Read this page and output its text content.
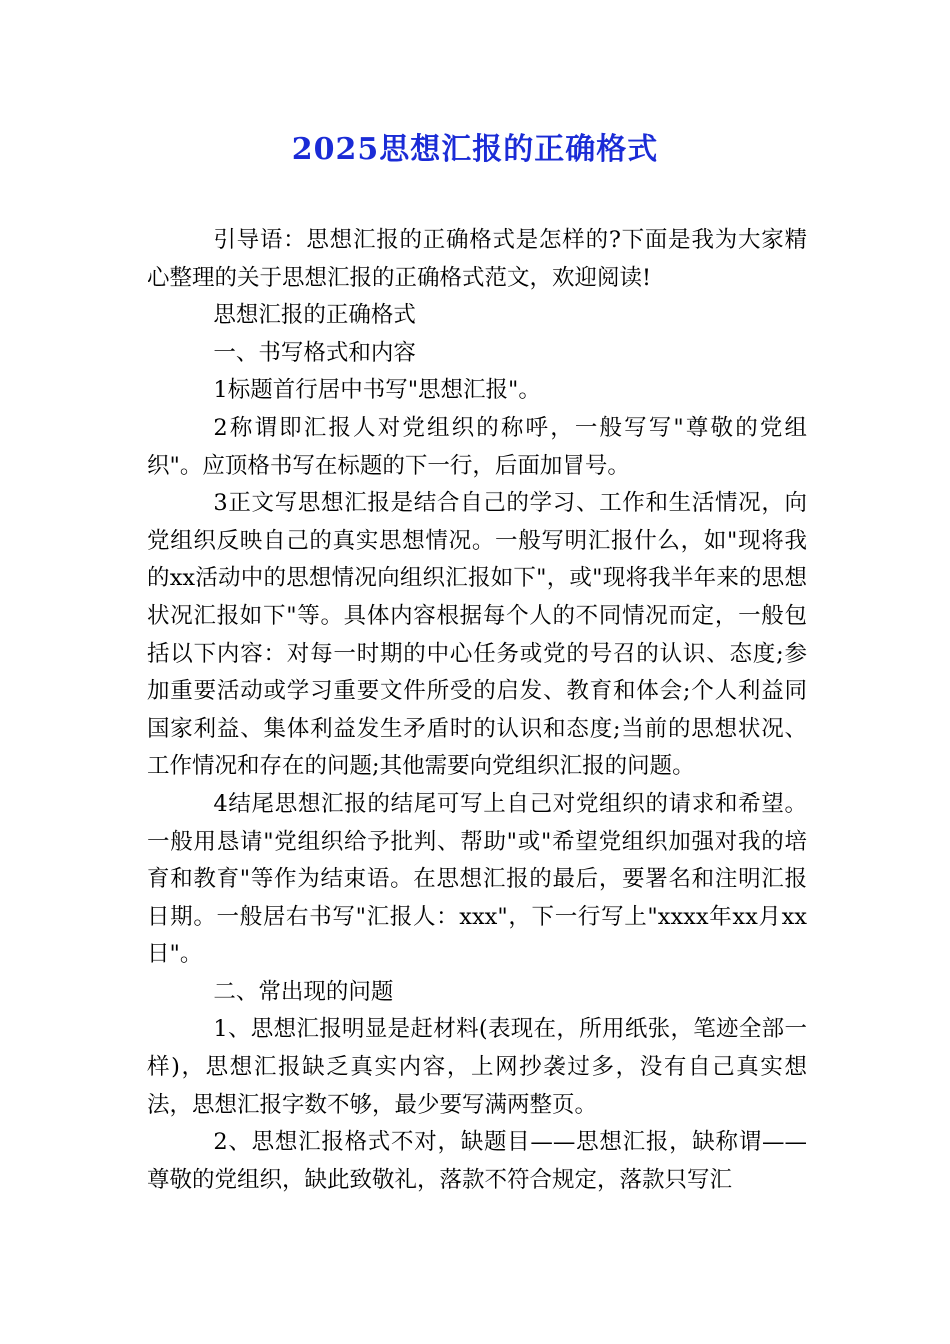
2025思想汇报的正确格式

引导语：思想汇报的正确格式是怎样的?下面是我为大家精心整理的关于思想汇报的正确格式范文，欢迎阅读!

思想汇报的正确格式

一、书写格式和内容

1标题首行居中书写"思想汇报"。

2称谓即汇报人对党组织的称呼，一般写写"尊敬的党组织"。应顶格书写在标题的下一行，后面加冒号。

3正文写思想汇报是结合自己的学习、工作和生活情况，向党组织反映自己的真实思想情况。一般写明汇报什么，如"现将我的xx活动中的思想情况向组织汇报如下"，或"现将我半年来的思想状况汇报如下"等。具体内容根据每个人的不同情况而定，一般包括以下内容：对每一时期的中心任务或党的号召的认识、态度;参加重要活动或学习重要文件所受的启发、教育和体会;个人利益同国家利益、集体利益发生矛盾时的认识和态度;当前的思想状况、工作情况和存在的问题;其他需要向党组织汇报的问题。

4结尾思想汇报的结尾可写上自己对党组织的请求和希望。一般用恳请"党组织给予批判、帮助"或"希望党组织加强对我的培育和教育"等作为结束语。在思想汇报的最后，要署名和注明汇报日期。一般居右书写"汇报人：xxx"，下一行写上"xxxx年xx月xx日"。

二、常出现的问题

1、思想汇报明显是赶材料(表现在，所用纸张，笔迹全部一样)，思想汇报缺乏真实内容，上网抄袭过多，没有自己真实想法，思想汇报字数不够，最少要写满两整页。

2、思想汇报格式不对，缺题目——思想汇报，缺称谓——尊敬的党组织，缺此致敬礼，落款不符合规定，落款只写汇
